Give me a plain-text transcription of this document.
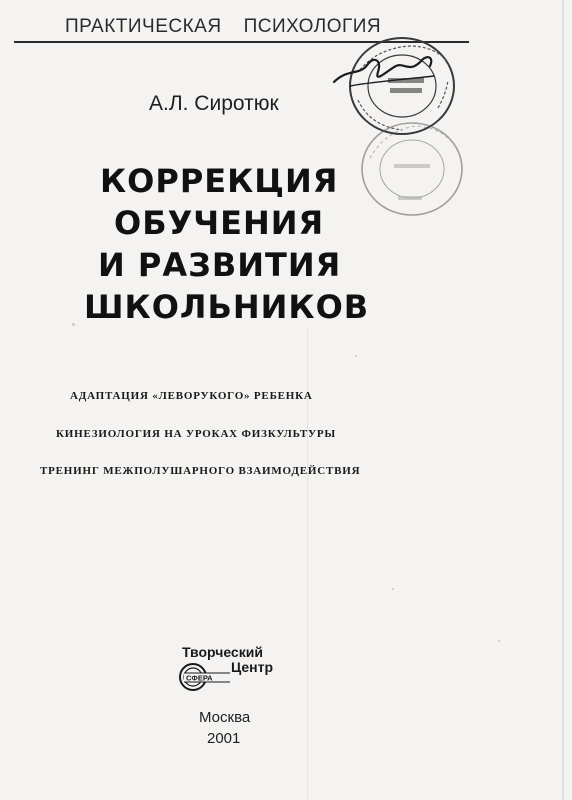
ПРАКТИЧЕСКАЯ ПСИХОЛОГИЯ
А.Л. Сиротюк
КОРРЕКЦИЯ
ОБУЧЕНИЯ
И РАЗВИТИЯ
ШКОЛЬНИКОВ
АДАПТАЦИЯ «ЛЕВОРУКОГО» РЕБЕНКА
КИНЕЗИОЛОГИЯ НА УРОКАХ ФИЗКУЛЬТУРЫ
ТРЕНИНГ МЕЖПОЛУШАРНОГО ВЗАИМОДЕЙСТВИЯ
Творческий
Центр
СФЕРА
Москва
2001
